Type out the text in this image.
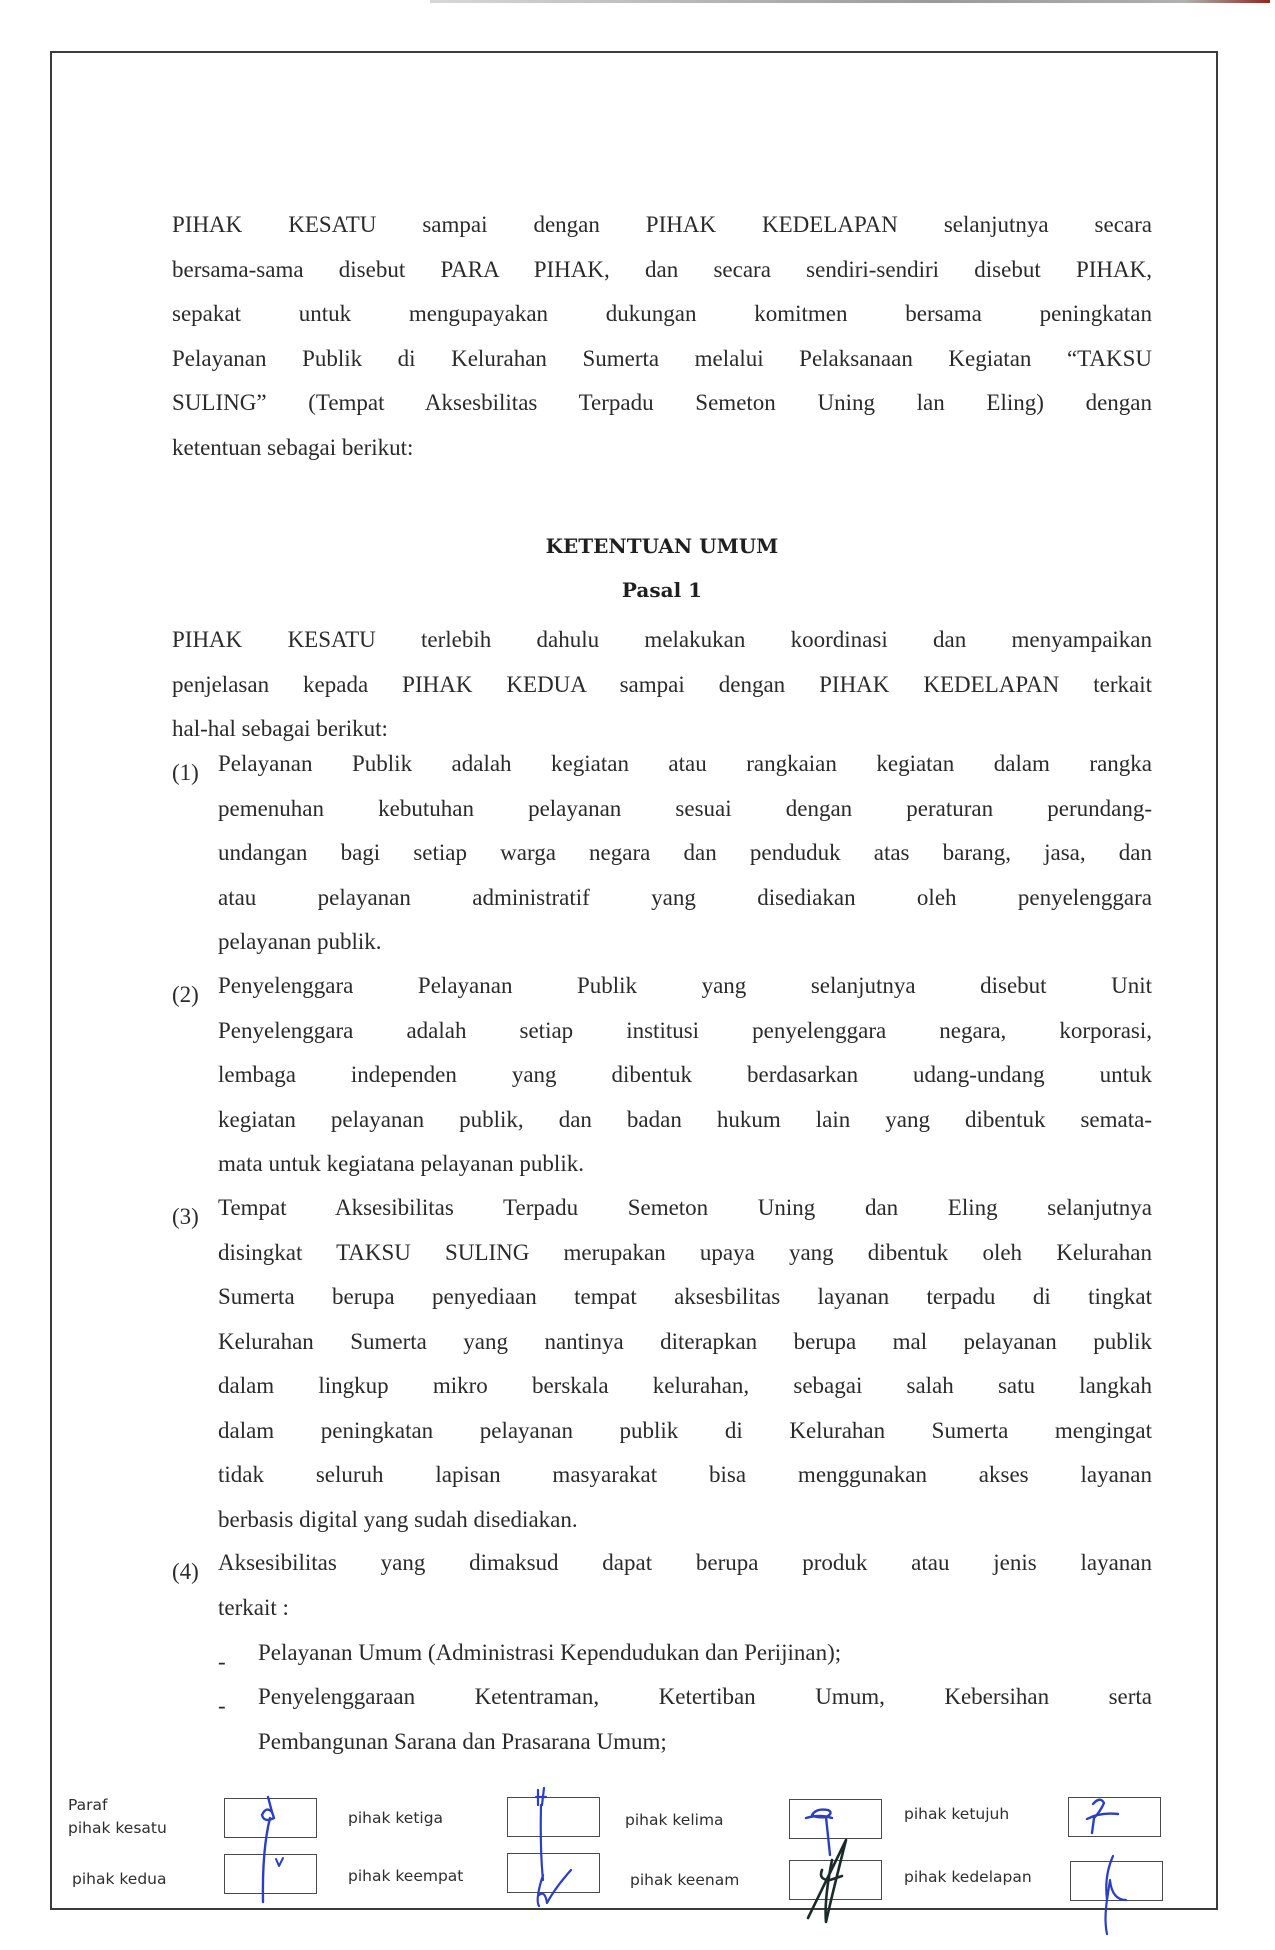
PIHAK KESATU sampai dengan PIHAK KEDELAPAN selanjutnya secara
bersama-sama disebut PARA PIHAK, dan secara sendiri-sendiri disebut PIHAK,
sepakat untuk mengupayakan dukungan komitmen bersama peningkatan
Pelayanan Publik di Kelurahan Sumerta melalui Pelaksanaan Kegiatan “TAKSU
SULING” (Tempat Aksesbilitas Terpadu Semeton Uning lan Eling) dengan
ketentuan sebagai berikut:
KETENTUAN UMUM
Pasal 1
PIHAK KESATU terlebih dahulu melakukan koordinasi dan menyampaikan
penjelasan kepada PIHAK KEDUA sampai dengan PIHAK KEDELAPAN terkait
hal-hal sebagai berikut:
(1) Pelayanan Publik adalah kegiatan atau rangkaian kegiatan dalam rangka
pemenuhan kebutuhan pelayanan sesuai dengan peraturan perundang-
undangan bagi setiap warga negara dan penduduk atas barang, jasa, dan
atau pelayanan administratif yang disediakan oleh penyelenggara
pelayanan publik.
(2) Penyelenggara Pelayanan Publik yang selanjutnya disebut Unit
Penyelenggara adalah setiap institusi penyelenggara negara, korporasi,
lembaga independen yang dibentuk berdasarkan udang-undang untuk
kegiatan pelayanan publik, dan badan hukum lain yang dibentuk semata-
mata untuk kegiatana pelayanan publik.
(3) Tempat Aksesibilitas Terpadu Semeton Uning dan Eling selanjutnya
disingkat TAKSU SULING merupakan upaya yang dibentuk oleh Kelurahan
Sumerta berupa penyediaan tempat aksesbilitas layanan terpadu di tingkat
Kelurahan Sumerta yang nantinya diterapkan berupa mal pelayanan publik
dalam lingkup mikro berskala kelurahan, sebagai salah satu langkah
dalam peningkatan pelayanan publik di Kelurahan Sumerta mengingat
tidak seluruh lapisan masyarakat bisa menggunakan akses layanan
berbasis digital yang sudah disediakan.
(4) Aksesibilitas yang dimaksud dapat berupa produk atau jenis layanan
terkait :
- Pelayanan Umum (Administrasi Kependudukan dan Perijinan);
- Penyelenggaraan Ketentraman, Ketertiban Umum, Kebersihan serta
Pembangunan Sarana dan Prasarana Umum;
Paraf
pihak kesatu
pihak kedua
pihak ketiga
pihak keempat
pihak kelima
pihak keenam
pihak ketujuh
pihak kedelapan
